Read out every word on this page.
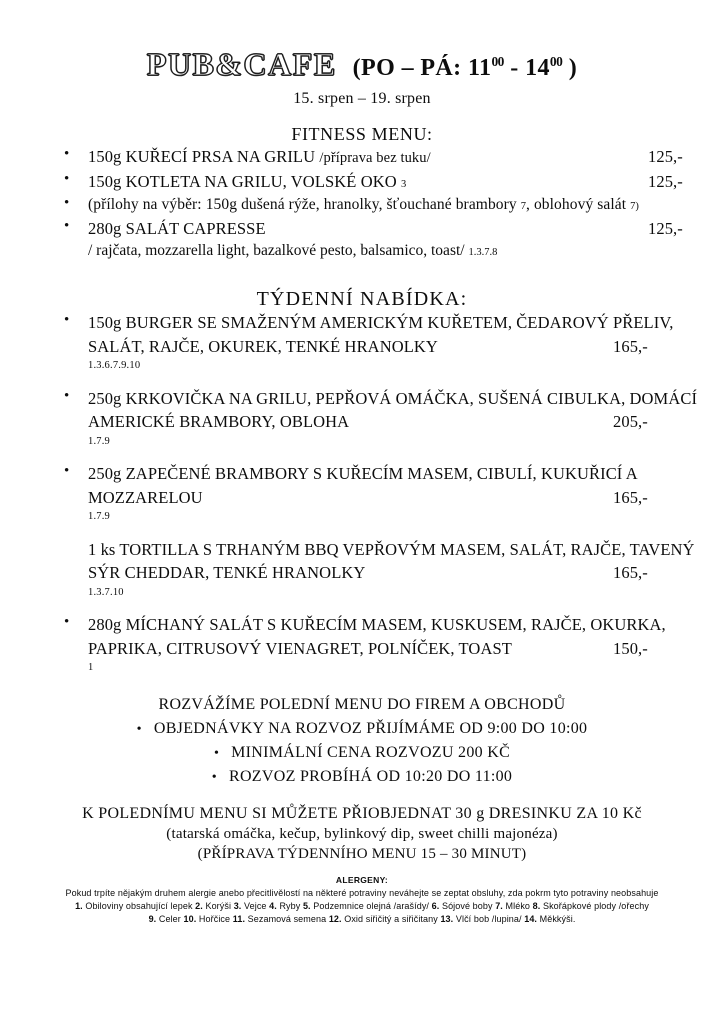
PUB&CAFE (PO – PÁ: $11^{00} - 14^{00}$ )
15. srpen – 19. srpen
FITNESS MENU:
• 150g KUŘECÍ PRSA NA GRILU /příprava bez tuku/	125,-
• 150g KOTLETA NA GRILU, VOLSKÉ OKO 3	125,-
• (přílohy na výběr: 150g dušená rýže, hranolky, šťouchané brambory 7, oblohový salát 7)
• 280g SALÁT CAPRESSE	125,-
/ rajčata, mozzarella light, bazalkové pesto, balsamico, toast/ 1.3.7.8
TÝDENNÍ NABÍDKA:
• 150g BURGER SE SMAŽENÝM AMERICKÝM KUŘETEM, ČEDAROVÝ PŘELIV,
SALÁT, RAJČE, OKUREK, TENKÉ HRANOLKY	165,-
1.3.6.7.9.10
• 250g KRKOVIČKA NA GRILU, PEPŘOVÁ OMÁČKA, SUŠENÁ CIBULKA, DOMÁCÍ
AMERICKÉ BRAMBORY, OBLOHA	205,-
1.7.9
• 250g ZAPEČENÉ BRAMBORY S KUŘECÍM MASEM, CIBULÍ, KUKUŘICÍ A
MOZZARELOU	165,-
1.7.9
1 ks TORTILLA S TRHANÝM BBQ VEPŘOVÝM MASEM, SALÁT, RAJČE, TAVENÝ
SÝR CHEDDAR, TENKÉ HRANOLKY	165,-
1.3.7.10
• 280g MÍCHANÝ SALÁT S KUŘECÍM MASEM, KUSKUSEM, RAJČE, OKURKA,
PAPRIKA, CITRUSOVÝ VIENAGRET, POLNÍČEK, TOAST	150,-
1
ROZVÁŽÍME POLEDNÍ MENU DO FIREM A OBCHODŮ
• OBJEDNÁVKY NA ROZVOZ PŘIJÍMÁME OD 9:00 DO 10:00
• MINIMÁLNÍ CENA ROZVOZU 200 KČ
• ROZVOZ PROBÍHÁ OD 10:20 DO 11:00
K POLEDNÍMU MENU SI MŮŽETE PŘIOBJEDNAT 30 g DRESINKU ZA 10 Kč
(tatarská omáčka, kečup, bylinkový dip, sweet chilli majonéza)
(PŘÍPRAVA TÝDENNÍHO MENU 15 – 30 MINUT)
ALERGENY:
Pokud trpíte nějakým druhem alergie anebo přecitlivělostí na některé potraviny neváhejte se zeptat obsluhy, zda pokrm tyto potraviny neobsahuje
1. Obiloviny obsahující lepek 2. Korýši 3. Vejce 4. Ryby 5. Podzemnice olejná /arašídy/ 6. Sójové boby 7. Mléko 8. Skořápkové plody /ořechy
9. Celer 10. Hořčice 11. Sezamová semena 12. Oxid siřičitý a siřičitany 13. Vlčí bob /lupina/ 14. Měkkýši.
